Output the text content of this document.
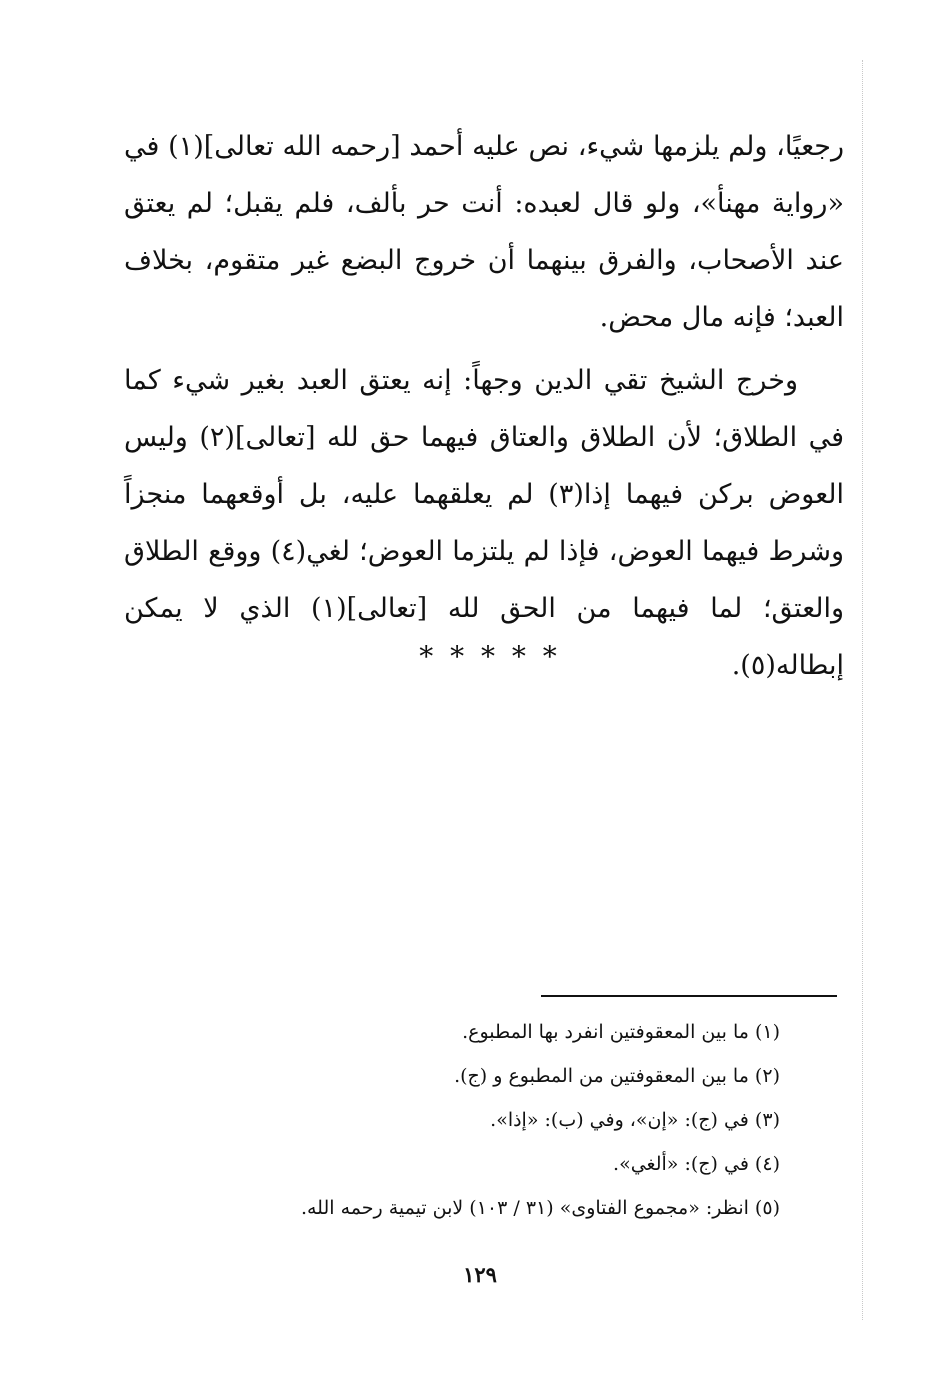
رجعيًا، ولم يلزمها شيء، نص عليه أحمد [رحمه الله تعالى](١) في «رواية مهنأ»، ولو قال لعبده: أنت حر بألف، فلم يقبل؛ لم يعتق عند الأصحاب، والفرق بينهما أن خروج البضع غير متقوم، بخلاف العبد؛ فإنه مال محض.

وخرج الشيخ تقي الدين وجهاً: إنه يعتق العبد بغير شيء كما في الطلاق؛ لأن الطلاق والعتاق فيهما حق لله [تعالى](٢) وليس العوض بركن فيهما إذا(٣) لم يعلقهما عليه، بل أوقعهما منجزاً وشرط فيهما العوض، فإذا لم يلتزما العوض؛ لغي(٤) ووقع الطلاق والعتق؛ لما فيهما من الحق لله [تعالى](١) الذي لا يمكن إبطاله(٥).

* * * * *
(١) ما بين المعقوفتين انفرد بها المطبوع.
(٢) ما بين المعقوفتين من المطبوع و (ج).
(٣) في (ج): «إن»، وفي (ب): «إذا».
(٤) في (ج): «ألغي».
(٥) انظر: «مجموع الفتاوى» (٣١ / ١٠٣) لابن تيمية رحمه الله.
١٢٩
